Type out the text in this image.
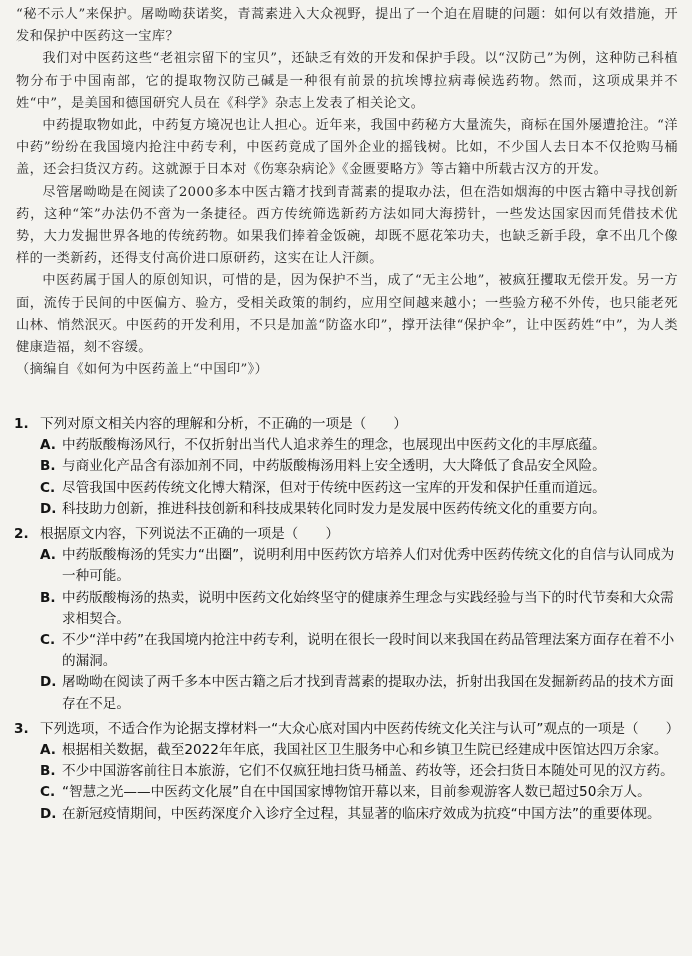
“秘不示人”来保护。屠呦呦获诺奖，青蒿素进入大众视野，提出了一个迫在眉睫的问题：如何以有效措施，开发和保护中医药这一宝库？

我们对中医药这些“老祖宗留下的宝贝”，还缺乏有效的开发和保护手段。以“汉防己”为例，这种防己科植物分布于中国南部，它的提取物汉防己碱是一种很有前景的抗埃博拉病毒候选药物。然而，这项成果并不姓“中”，是美国和德国研究人员在《科学》杂志上发表了相关论文。

中药提取物如此，中药复方境况也让人担心。近年来，我国中药秘方大量流失，商标在国外屡遭抢注。“洋中药”纷纷在我国境内抢注中药专利，中医药竟成了国外企业的摇钱树。比如，不少国人去日本不仅抢购马桶盖，还会扫货汉方药。这就源于日本对《伤寒杂病论》《金匮要略方》等古籍中所载古汉方的开发。

尽管屠呦呦是在阅读了2000多本中医古籍才找到青蒿素的提取办法，但在浩如烟海的中医古籍中寻找创新药，这种“笨”办法仍不啻为一条捷径。西方传统筛选新药方法如同大海捞针，一些发达国家因而凭借技术优势，大力发掘世界各地的传统药物。如果我们捧着金饭碗，却既不愿花笨功夫，也缺乏新手段，拿不出几个像样的一类新药，还得支付高价进口原研药，这实在让人汗颜。

中医药属于国人的原创知识，可惜的是，因为保护不当，成了“无主公地”，被疯狂攫取无偿开发。另一方面，流传于民间的中医偏方、验方，受相关政策的制约，应用空间越来越小；一些验方秘不外传，也只能老死山林、悄然泯灭。中医药的开发利用，不只是加盖“防盗水印”，撑开法律“保护伞”，让中医药姓“中”，为人类健康造福，刻不容缓。

（摘编自《如何为中医药盖上“中国印”》）

1. 下列对原文相关内容的理解和分析，不正确的一项是（　　）
A. 中药版酸梅汤风行，不仅折射出当代人追求养生的理念，也展现出中医药文化的丰厚底蕴。
B. 与商业化产品含有添加剂不同，中药版酸梅汤用料上安全透明，大大降低了食品安全风险。
C. 尽管我国中医药传统文化博大精深，但对于传统中医药这一宝库的开发和保护任重而道远。
D. 科技助力创新，推进科技创新和科技成果转化同时发力是发展中医药传统文化的重要方向。
2. 根据原文内容，下列说法不正确的一项是（　　）
A. 中药版酸梅汤的凭实力“出圈”，说明利用中医药饮方培养人们对优秀中医药传统文化的自信与认同成为一种可能。
B. 中药版酸梅汤的热卖，说明中医药文化始终坚守的健康养生理念与实践经验与当下的时代节奏和大众需求相契合。
C. 不少“洋中药”在我国境内抢注中药专利，说明在很长一段时间以来我国在药品管理法案方面存在着不小的漏洞。
D. 屠呦呦在阅读了两千多本中医古籍之后才找到青蒿素的提取办法，折射出我国在发掘新药品的技术方面存在不足。
3. 下列选项，不适合作为论据支撑材料一“大众心底对国内中医药传统文化关注与认可”观点的一项是（　　）
A. 根据相关数据，截至2022年年底，我国社区卫生服务中心和乡镇卫生院已经建成中医馆达四万余家。
B. 不少中国游客前往日本旅游，它们不仅疯狂地扫货马桶盖、药妆等，还会扫货日本随处可见的汉方药。
C. “智慧之光——中医药文化展”自在中国国家博物馆开幕以来，目前参观游客人数已超过50余万人。
D. 在新冠疫情期间，中医药深度介入诊疗全过程，其显著的临床疗效成为抗疫“中国方法”的重要体现。
